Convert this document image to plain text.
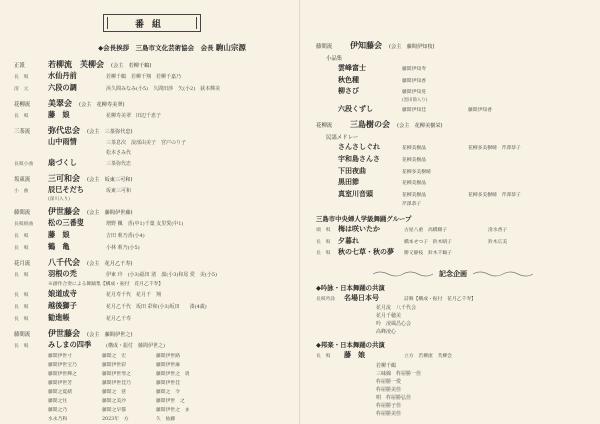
番組
◆会長挨拶　三島市文化芸術協会　会長 駒山宗源
正派	若柳流　芙柳会 (会主　若柳千鶴)
長　唄	水仙丹前	若柳千鶴　若柳千翔　若柳千嘉乃
清　元	六段の調	浜久間みなみ(小5)　久間田渉　矢(小2)　荻本輝美
花柳流	美翠会 (会主　花柳寿美翠)
長　唄	藤　娘	花柳寿美翠　田辺千恵子
三茶流	弥代忠会 (会主　三茶弥代忠)
山中雨情	三茶息次　浪部由美子　宮戸のり子
松本さみ代
長唄小曲	扇づくし	三茶弥代忠
坂東流	三可和会 (会主　坂東三可和)
小　曲	辰巳そだち	坂東三可和
(深川入り)
藤間流	伊世藤会 (会主　藤間伊世藤)
長唄組曲	松の三番叟	増野 楓　香(中1)千葉 友里愛(中1)
長　唄	藤　娘	吉田 莉乃香(小4)
長　唄	鶴　亀	小林 莉乃(小5)
花月流	八千代会 (会主　花月乙千寿)
長　唄	羽根の禿	伊東 玲　(小3)福田 渚　凛(小3)和尾 愛　美(小5)
※創作合奏による舞踊集【構成・振付　花月乙千寿】
長　唄	娘道成寺	花月寿千代　花月千　翔
長　唄	越後獅子	花月乙千代　坂田 彩和(小3)坂田　　湊(4歳)
長　唄	勧進帳	花月乙千寿
藤間流	伊世藤会 (会主　藤間伊世之)
長　唄	みしまの四季	(構成・振付　藤間伊世之)
藤間伊世寸	藤間之　宏	藤間伊世路
藤間伊世宝乃	藤間伊世彩	藤間伊世麻
藤間伊世輝之	藤間伊世琴之	藤間伊世之　貴
藤間伊世芳	藤間伊世佳乃	藤間伊世佳
藤間之夏緒	藤間之　慈	藤間之　令
藤間之住	藤間之美沙	藤間伊世　之
藤間之乃	藤間之早都	藤間伊世之　ま
水永乃和	2023年　方	久　仙藤
藤間流	伊知藤会 (会主　藤間伊知枝)
小品集
雲峰富士	藤間伊知寿
秋色種	藤間伊知香
柳さび	藤間伊知晃
(黒田節入り)
六段くずし	藤間伊知佳	藤間伊知香
花柳流	三島樹の会 (会主　花柳美樹栄)
民謡メドレー
さんさしぐれ	花柳美樹晶	花柳多美樹晴　芹澤恭子
宇和島さんさ	花柳美樹晶
下田夜曲	花柳多美樹晴
黒田節	花柳美樹晶
真室川音頭	花柳美樹晶	花柳多美樹晴　芹澤恭子
芹澤恭子
三島市中央婦人学級舞踊グループ
端　唄	梅は咲いたか	古屋八重　高橋順子	清水香子
長　唄	夕暮れ	橋本せつ子　鈴木晴子	鈴木広美
長　唄	秋の七草・秋の夢	勝又静枝　鈴木千鶴子
記念企画
◆吟詠・日本舞踊の共演
長唄吟詠	名場日本号	詩舞【構成・振付　花月乙千寿】
花月流　八千代会
花月千穂美
吟　凌風昌心会
高峰凌心
◆邦楽・日本舞踊の共演
長　唄	藤　娘	立方　若柳流　芙柳会
若柳千鶴
三味線　杵屋勝一佳
杵屋勝一愛
杵屋勝美佳
唄　杵屋勝弘佳
杵屋勝子佳
杵屋勝美佳
